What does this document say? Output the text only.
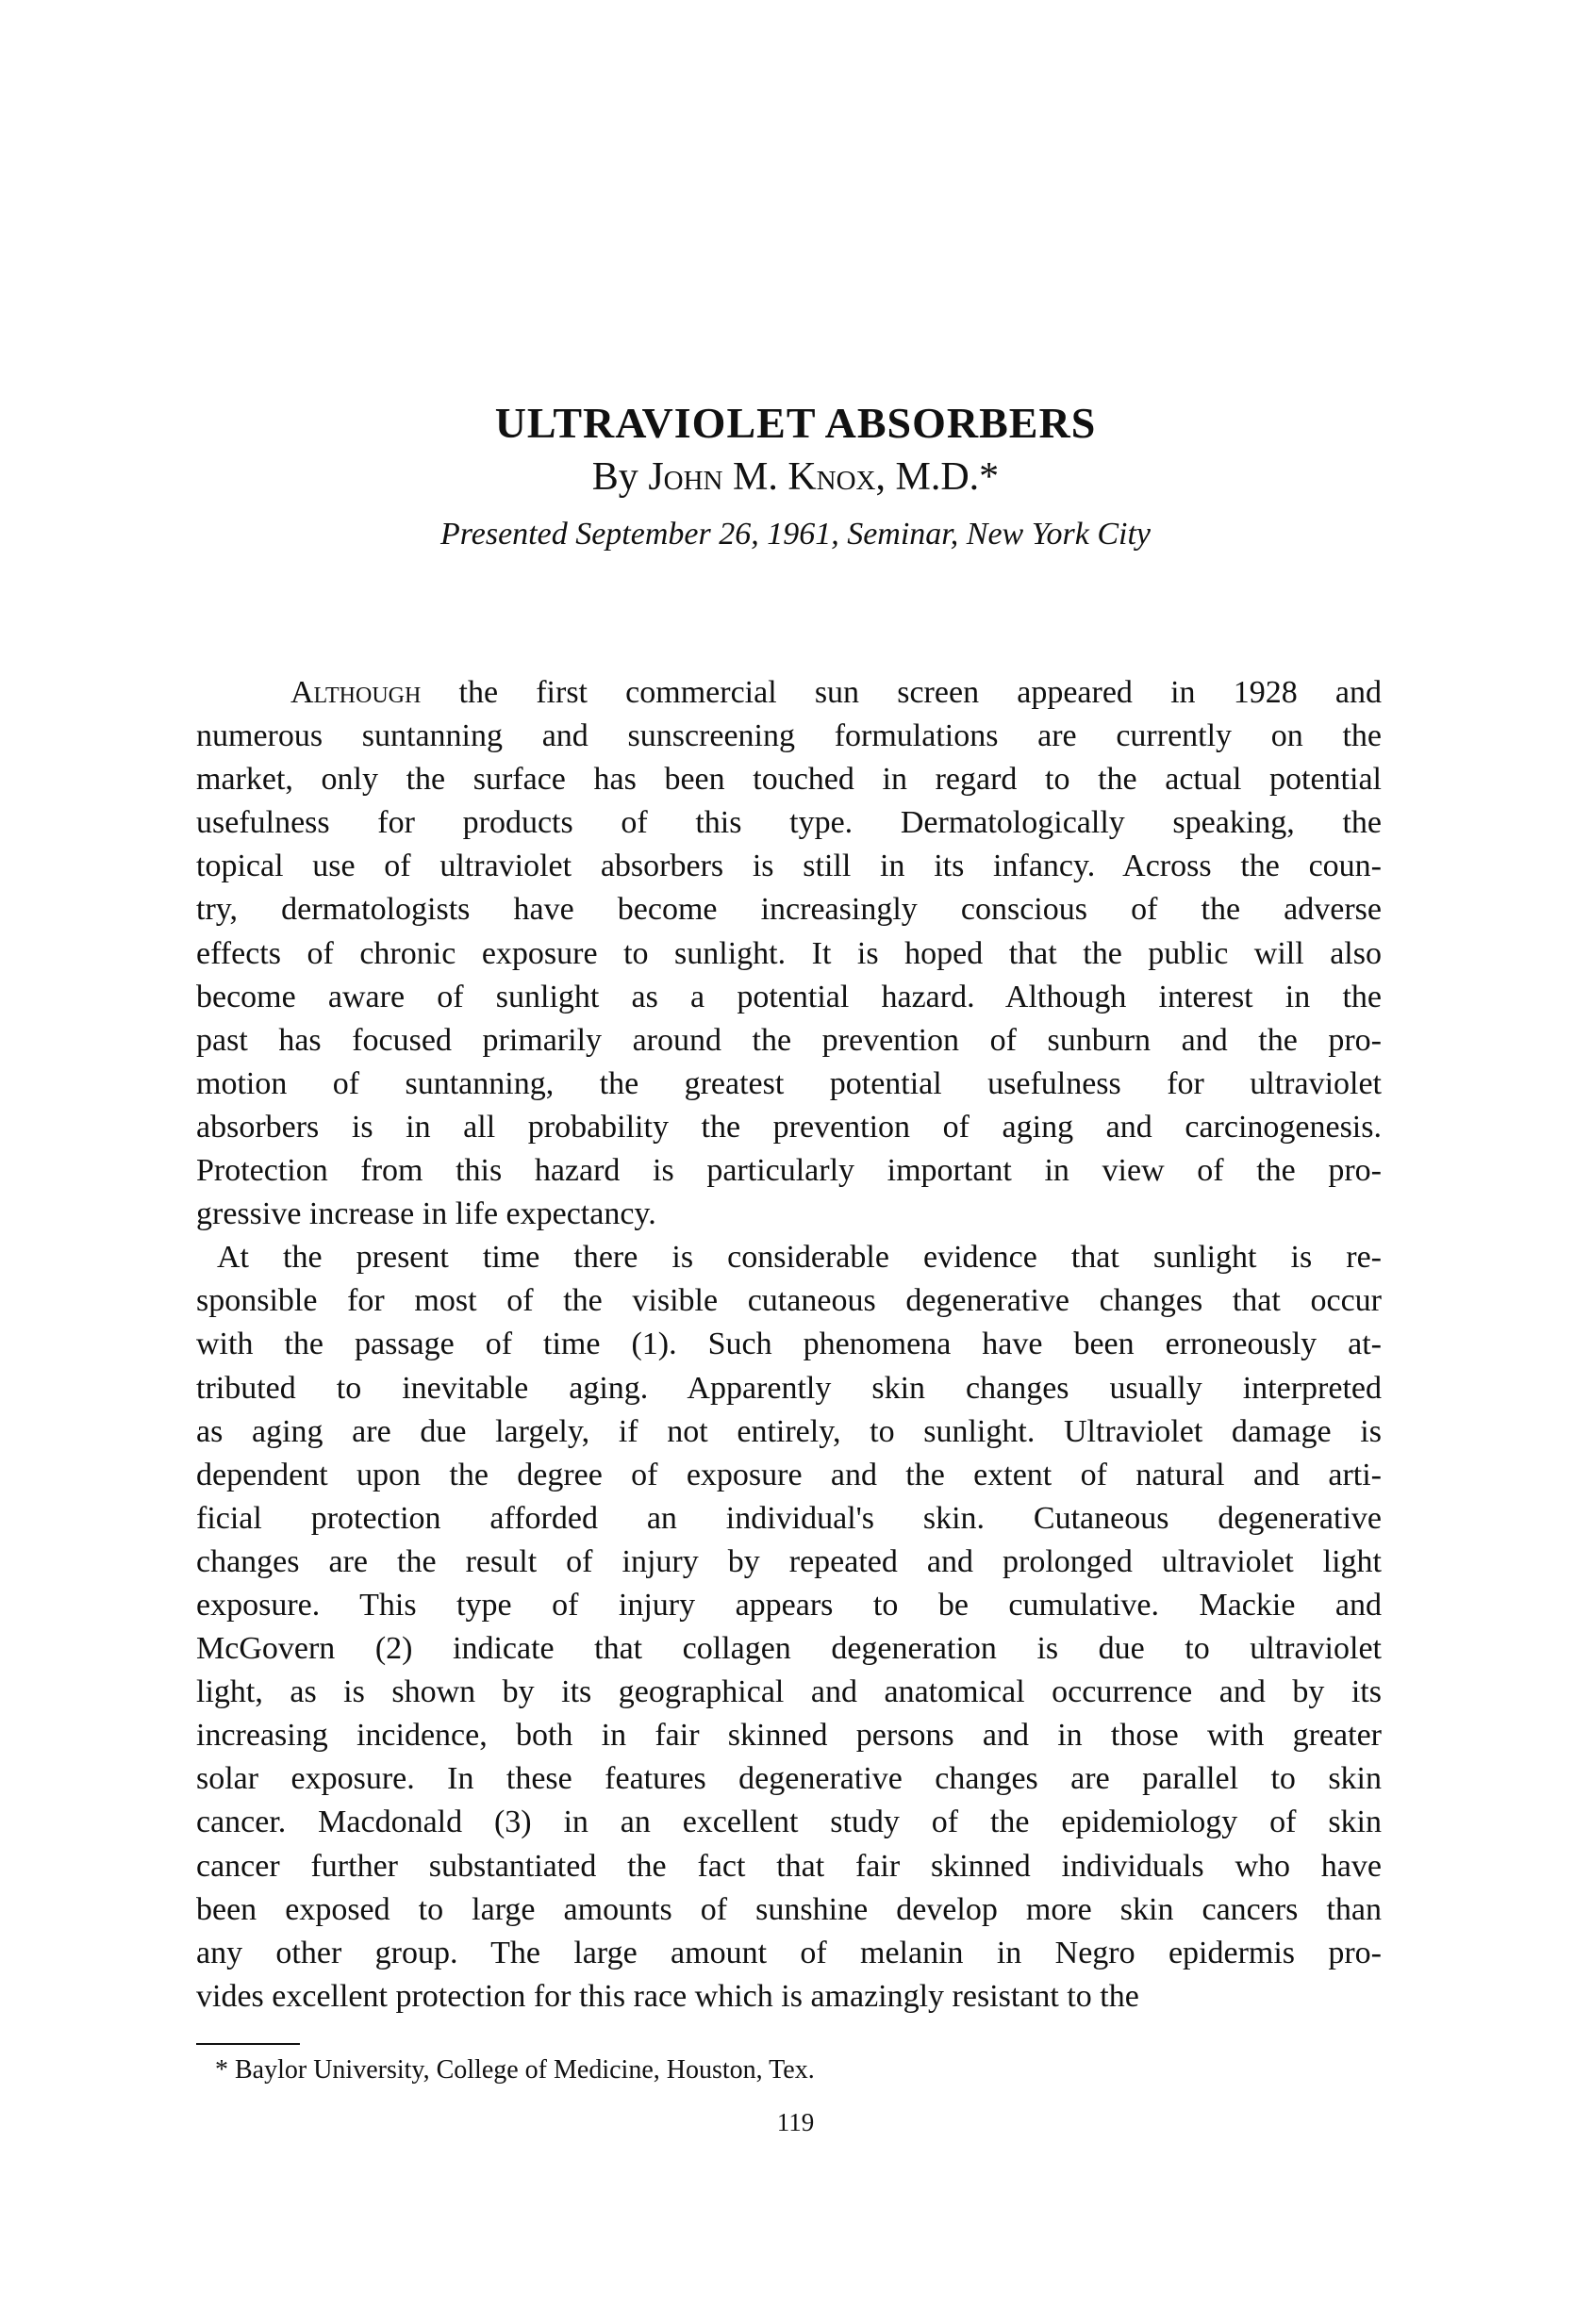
ULTRAVIOLET ABSORBERS
By John M. Knox, M.D.*
Presented September 26, 1961, Seminar, New York City
Although the first commercial sun screen appeared in 1928 and
numerous suntanning and sunscreening formulations are currently on the
market, only the surface has been touched in regard to the actual potential
usefulness for products of this type. Dermatologically speaking, the
topical use of ultraviolet absorbers is still in its infancy. Across the coun-
try, dermatologists have become increasingly conscious of the adverse
effects of chronic exposure to sunlight. It is hoped that the public will also
become aware of sunlight as a potential hazard. Although interest in the
past has focused primarily around the prevention of sunburn and the pro-
motion of suntanning, the greatest potential usefulness for ultraviolet
absorbers is in all probability the prevention of aging and carcinogenesis.
Protection from this hazard is particularly important in view of the pro-
gressive increase in life expectancy.
At the present time there is considerable evidence that sunlight is re-
sponsible for most of the visible cutaneous degenerative changes that occur
with the passage of time (1). Such phenomena have been erroneously at-
tributed to inevitable aging. Apparently skin changes usually interpreted
as aging are due largely, if not entirely, to sunlight. Ultraviolet damage is
dependent upon the degree of exposure and the extent of natural and arti-
ficial protection afforded an individual's skin. Cutaneous degenerative
changes are the result of injury by repeated and prolonged ultraviolet light
exposure. This type of injury appears to be cumulative. Mackie and
McGovern (2) indicate that collagen degeneration is due to ultraviolet
light, as is shown by its geographical and anatomical occurrence and by its
increasing incidence, both in fair skinned persons and in those with greater
solar exposure. In these features degenerative changes are parallel to skin
cancer. Macdonald (3) in an excellent study of the epidemiology of skin
cancer further substantiated the fact that fair skinned individuals who have
been exposed to large amounts of sunshine develop more skin cancers than
any other group. The large amount of melanin in Negro epidermis pro-
vides excellent protection for this race which is amazingly resistant to the
* Baylor University, College of Medicine, Houston, Tex.
119
